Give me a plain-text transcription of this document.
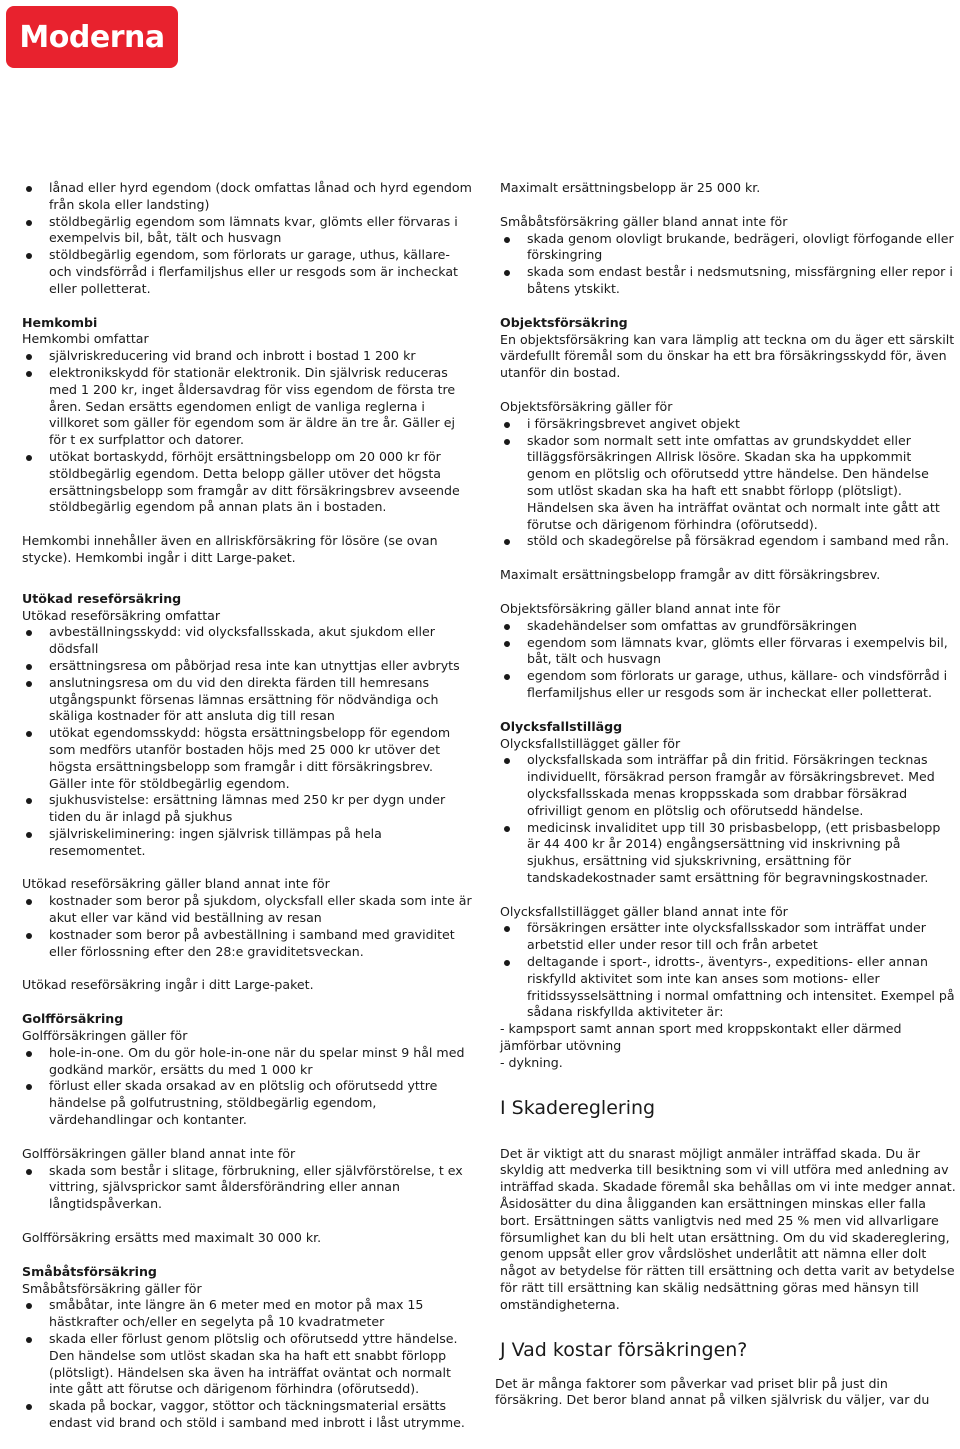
Moderna
lånad eller hyrd egendom (dock omfattas lånad och hyrd egendom från skola eller landsting)
stöldbegärlig egendom som lämnats kvar, glömts eller förvaras i exempelvis bil, båt, tält och husvagn
stöldbegärlig egendom, som förlorats ur garage, uthus, källare- och vindsförråd i flerfamiljshus eller ur resgods som är incheckat eller polletterat.

Hemkombi

Hemkombi omfattar

självriskreducering vid brand och inbrott i bostad 1 200 kr
elektronikskydd för stationär elektronik. Din självrisk reduceras med 1 200 kr, inget åldersavdrag för viss egendom de första tre åren. Sedan ersätts egendomen enligt de vanliga reglerna i villkoret som gäller för egendom som är äldre än tre år. Gäller ej för t ex surfplattor och datorer.
utökat bortaskydd, förhöjt ersättningsbelopp om 20 000 kr för stöldbegärlig egendom. Detta belopp gäller utöver det högsta ersättningsbelopp som framgår av ditt försäkringsbrev avseende stöldbegärlig egendom på annan plats än i bostaden.

Hemkombi innehåller även en allriskförsäkring för lösöre (se ovan stycke). Hemkombi ingår i ditt Large-paket.

Utökad reseförsäkring

Utökad reseförsäkring omfattar

avbeställningsskydd: vid olycksfallsskada, akut sjukdom eller dödsfall
ersättningsresa om påbörjad resa inte kan utnyttjas eller avbryts
anslutningsresa om du vid den direkta färden till hemresans utgångspunkt försenas lämnas ersättning för nödvändiga och skäliga kostnader för att ansluta dig till resan
utökat egendomsskydd: högsta ersättningsbelopp för egendom som medförs utanför bostaden höjs med 25 000 kr utöver det högsta ersättningsbelopp som framgår i ditt försäkringsbrev. Gäller inte för stöldbegärlig egendom.
sjukhusvistelse: ersättning lämnas med 250 kr per dygn under tiden du är inlagd på sjukhus
självriskeliminering: ingen självrisk tillämpas på hela resemomentet.

Utökad reseförsäkring gäller bland annat inte för

kostnader som beror på sjukdom, olycksfall eller skada som inte är akut eller var känd vid beställning av resan
kostnader som beror på avbeställning i samband med graviditet eller förlossning efter den 28:e graviditetsveckan.

Utökad reseförsäkring ingår i ditt Large-paket.

Golfförsäkring

Golfförsäkringen gäller för

hole-in-one. Om du gör hole-in-one när du spelar minst 9 hål med godkänd markör, ersätts du med 1 000 kr
förlust eller skada orsakad av en plötslig och oförutsedd yttre händelse på golfutrustning, stöldbegärlig egendom, värdehandlingar och kontanter.

Golfförsäkringen gäller bland annat inte för

skada som består i slitage, förbrukning, eller självförstörelse, t ex vittring, självsprickor samt åldersförändring eller annan långtidspåverkan.

Golfförsäkring ersätts med maximalt 30 000 kr.

Småbåtsförsäkring

Småbåtsförsäkring gäller för

småbåtar, inte längre än 6 meter med en motor på max 15 hästkrafter och/eller en segelyta på 10 kvadratmeter
skada eller förlust genom plötslig och oförutsedd yttre händelse. Den händelse som utlöst skadan ska ha haft ett snabbt förlopp (plötsligt). Händelsen ska även ha inträffat oväntat och normalt inte gått att förutse och därigenom förhindra (oförutsedd).
skada på bockar, vaggor, stöttor och täckningsmaterial ersätts endast vid brand och stöld i samband med inbrott i låst utrymme.

Maximalt ersättningsbelopp är 25 000 kr.

Småbåtsförsäkring gäller bland annat inte för

skada genom olovligt brukande, bedrägeri, olovligt förfogande eller förskingring
skada som endast består i nedsmutsning, missfärgning eller repor i båtens ytskikt.

Objektsförsäkring

En objektsförsäkring kan vara lämplig att teckna om du äger ett särskilt värdefullt föremål som du önskar ha ett bra försäkringsskydd för, även utanför din bostad.

Objektsförsäkring gäller för

i försäkringsbrevet angivet objekt
skador som normalt sett inte omfattas av grundskyddet eller tilläggsförsäkringen Allrisk lösöre. Skadan ska ha uppkommit genom en plötslig och oförutsedd yttre händelse. Den händelse som utlöst skadan ska ha haft ett snabbt förlopp (plötsligt). Händelsen ska även ha inträffat oväntat och normalt inte gått att förutse och därigenom förhindra (oförutsedd).
stöld och skadegörelse på försäkrad egendom i samband med rån.

Maximalt ersättningsbelopp framgår av ditt försäkringsbrev.

Objektsförsäkring gäller bland annat inte för

skadehändelser som omfattas av grundförsäkringen
egendom som lämnats kvar, glömts eller förvaras i exempelvis bil, båt, tält och husvagn
egendom som förlorats ur garage, uthus, källare- och vindsförråd i flerfamiljshus eller ur resgods som är incheckat eller polletterat.

Olycksfallstillägg

Olycksfallstillägget gäller för

olycksfallskada som inträffar på din fritid. Försäkringen tecknas individuellt, försäkrad person framgår av försäkringsbrevet. Med olycksfallsskada menas kroppsskada som drabbar försäkrad ofrivilligt genom en plötslig och oförutsedd händelse.
medicinsk invaliditet upp till 30 prisbasbelopp, (ett prisbasbelopp är 44 400 kr år 2014) engångsersättning vid inskrivning på sjukhus, ersättning vid sjukskrivning, ersättning för tandskadekostnader samt ersättning för begravningskostnader.

Olycksfallstillägget gäller bland annat inte för

försäkringen ersätter inte olycksfallsskador som inträffat under arbetstid eller under resor till och från arbetet
deltagande i sport-, idrotts-, äventyrs-, expeditions- eller annan riskfylld aktivitet som inte kan anses som motions- eller fritidssysselsättning i normal omfattning och intensitet. Exempel på sådana riskfyllda aktiviteter är:

- kampsport samt annan sport med kroppskontakt eller därmed jämförbar utövning

- dykning.

I Skadereglering

Det är viktigt att du snarast möjligt anmäler inträffad skada. Du är skyldig att medverka till besiktning som vi vill utföra med anledning av inträffad skada. Skadade föremål ska behållas om vi inte medger annat. Åsidosätter du dina åligganden kan ersättningen minskas eller falla bort. Ersättningen sätts vanligtvis ned med 25 % men vid allvarligare försumlighet kan du bli helt utan ersättning. Om du vid skadereglering, genom uppsåt eller grov vårdslöshet underlåtit att nämna eller dolt något av betydelse för rätten till ersättning och detta varit av betydelse för rätt till ersättning kan skälig nedsättning göras med hänsyn till omständigheterna.

J Vad kostar försäkringen?

Det är många faktorer som påverkar vad priset blir på just din försäkring. Det beror bland annat på vilken självrisk du väljer, var du
